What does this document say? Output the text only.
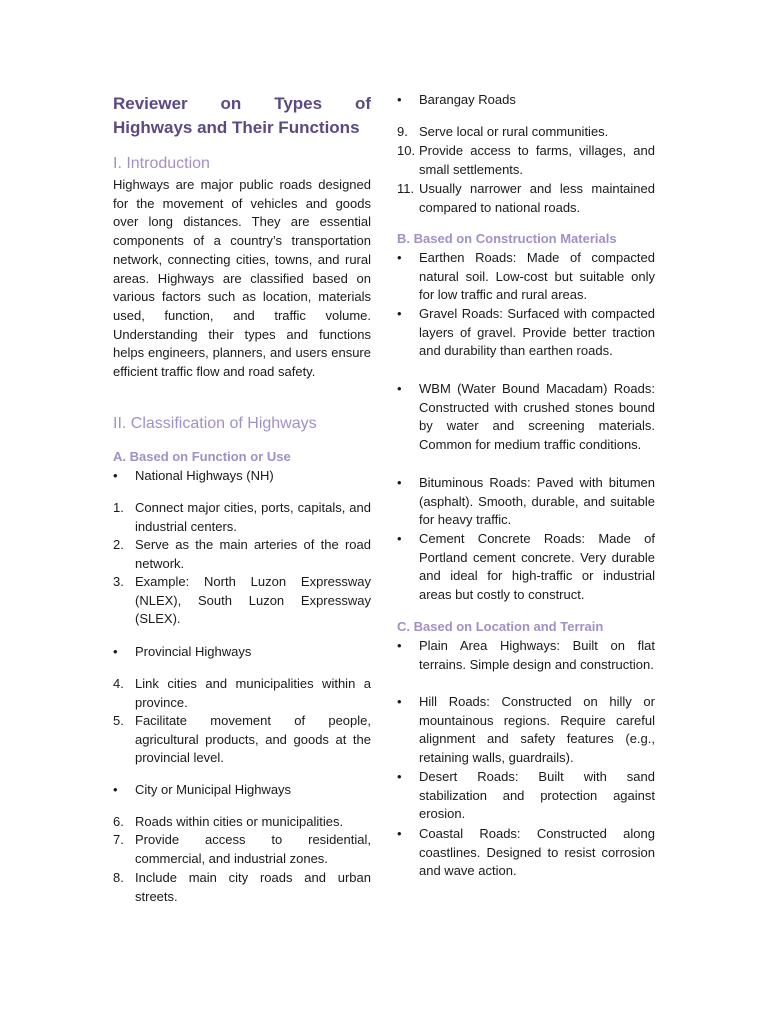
Reviewer on Types of
Highways and Their Functions
I. Introduction

Highways are major public roads designed for the movement of vehicles and goods over long distances. They are essential components of a country’s transportation network, connecting cities, towns, and rural areas. Highways are classified based on various factors such as location, materials used, function, and traffic volume. Understanding their types and functions helps engineers, planners, and users ensure efficient traffic flow and road safety.

II. Classification of Highways
A. Based on Function or Use
•	National Highways (NH)
1. Connect major cities, ports, capitals, and industrial centers.
2. Serve as the main arteries of the road network.
3. Example: North Luzon Expressway (NLEX), South Luzon Expressway (SLEX).
•	Provincial Highways
4. Link cities and municipalities within a province.
5. Facilitate movement of people, agricultural products, and goods at the provincial level.
•	City or Municipal Highways
6. Roads within cities or municipalities.
7. Provide access to residential, commercial, and industrial zones.
8. Include main city roads and urban streets.
•	Barangay Roads
9. Serve local or rural communities.
10. Provide access to farms, villages, and small settlements.
11. Usually narrower and less maintained compared to national roads.
B. Based on Construction Materials
•	Earthen Roads: Made of compacted natural soil. Low-cost but suitable only for low traffic and rural areas.
•	Gravel Roads: Surfaced with compacted layers of gravel. Provide better traction and durability than earthen roads.
•	WBM (Water Bound Macadam) Roads: Constructed with crushed stones bound by water and screening materials. Common for medium traffic conditions.
•	Bituminous Roads: Paved with bitumen (asphalt). Smooth, durable, and suitable for heavy traffic.
•	Cement Concrete Roads: Made of Portland cement concrete. Very durable and ideal for high-traffic or industrial areas but costly to construct.
C. Based on Location and Terrain
•	Plain Area Highways: Built on flat terrains. Simple design and construction.
•	Hill Roads: Constructed on hilly or mountainous regions. Require careful alignment and safety features (e.g., retaining walls, guardrails).
•	Desert Roads: Built with sand stabilization and protection against erosion.
•	Coastal Roads: Constructed along coastlines. Designed to resist corrosion and wave action.
